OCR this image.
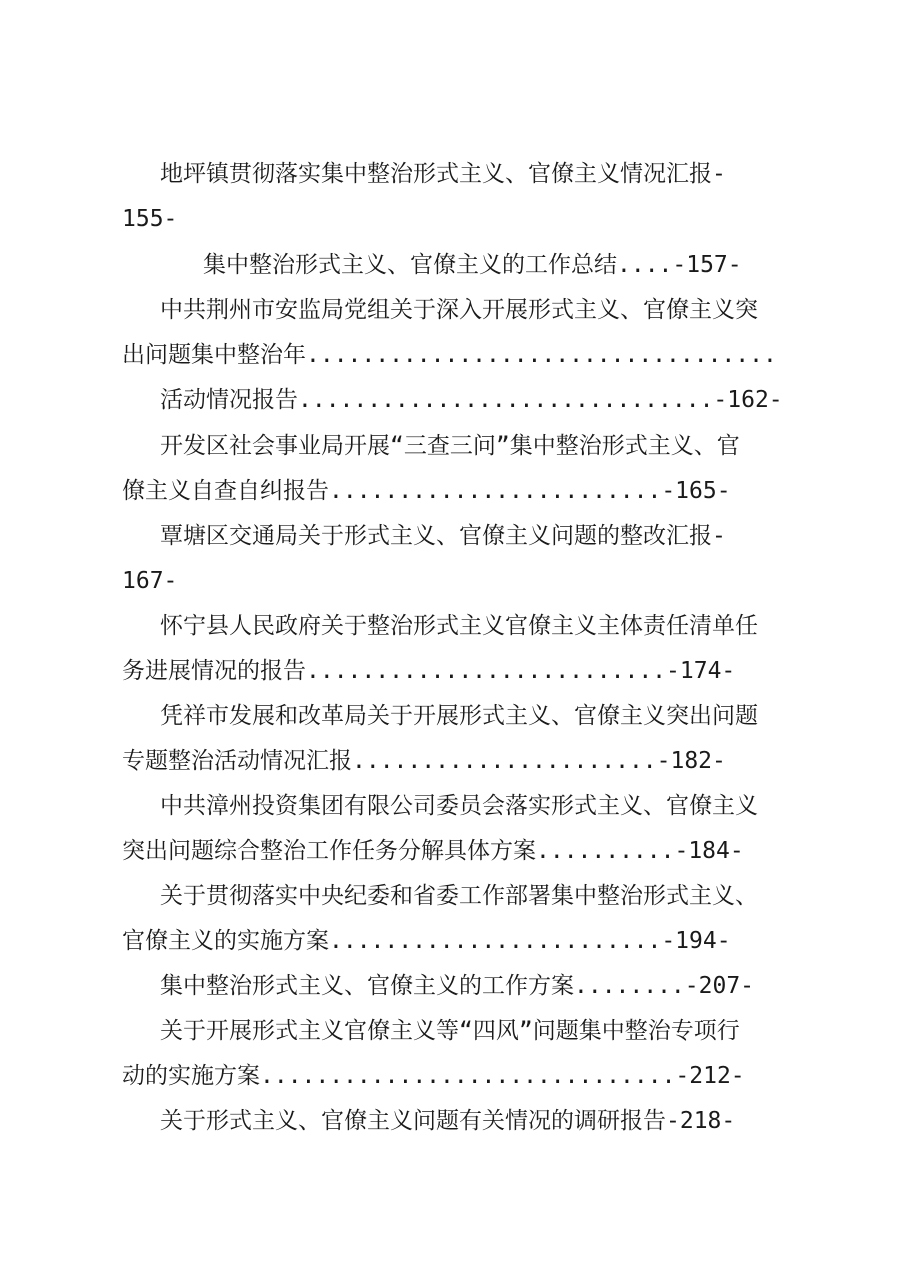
地坪镇贯彻落实集中整治形式主义、官僚主义情况汇报-
155-
集中整治形式主义、官僚主义的工作总结....-157-
中共荆州市安监局党组关于深入开展形式主义、官僚主义突
出问题集中整治年..................................
活动情况报告..............................-162-
开发区社会事业局开展“三查三问”集中整治形式主义、官
僚主义自查自纠报告........................-165-
覃塘区交通局关于形式主义、官僚主义问题的整改汇报-
167-
怀宁县人民政府关于整治形式主义官僚主义主体责任清单任
务进展情况的报告..........................-174-
凭祥市发展和改革局关于开展形式主义、官僚主义突出问题
专题整治活动情况汇报......................-182-
中共漳州投资集团有限公司委员会落实形式主义、官僚主义
突出问题综合整治工作任务分解具体方案..........-184-
关于贯彻落实中央纪委和省委工作部署集中整治形式主义、
官僚主义的实施方案........................-194-
集中整治形式主义、官僚主义的工作方案........-207-
关于开展形式主义官僚主义等“四风”问题集中整治专项行
动的实施方案..............................-212-
关于形式主义、官僚主义问题有关情况的调研报告-218-
